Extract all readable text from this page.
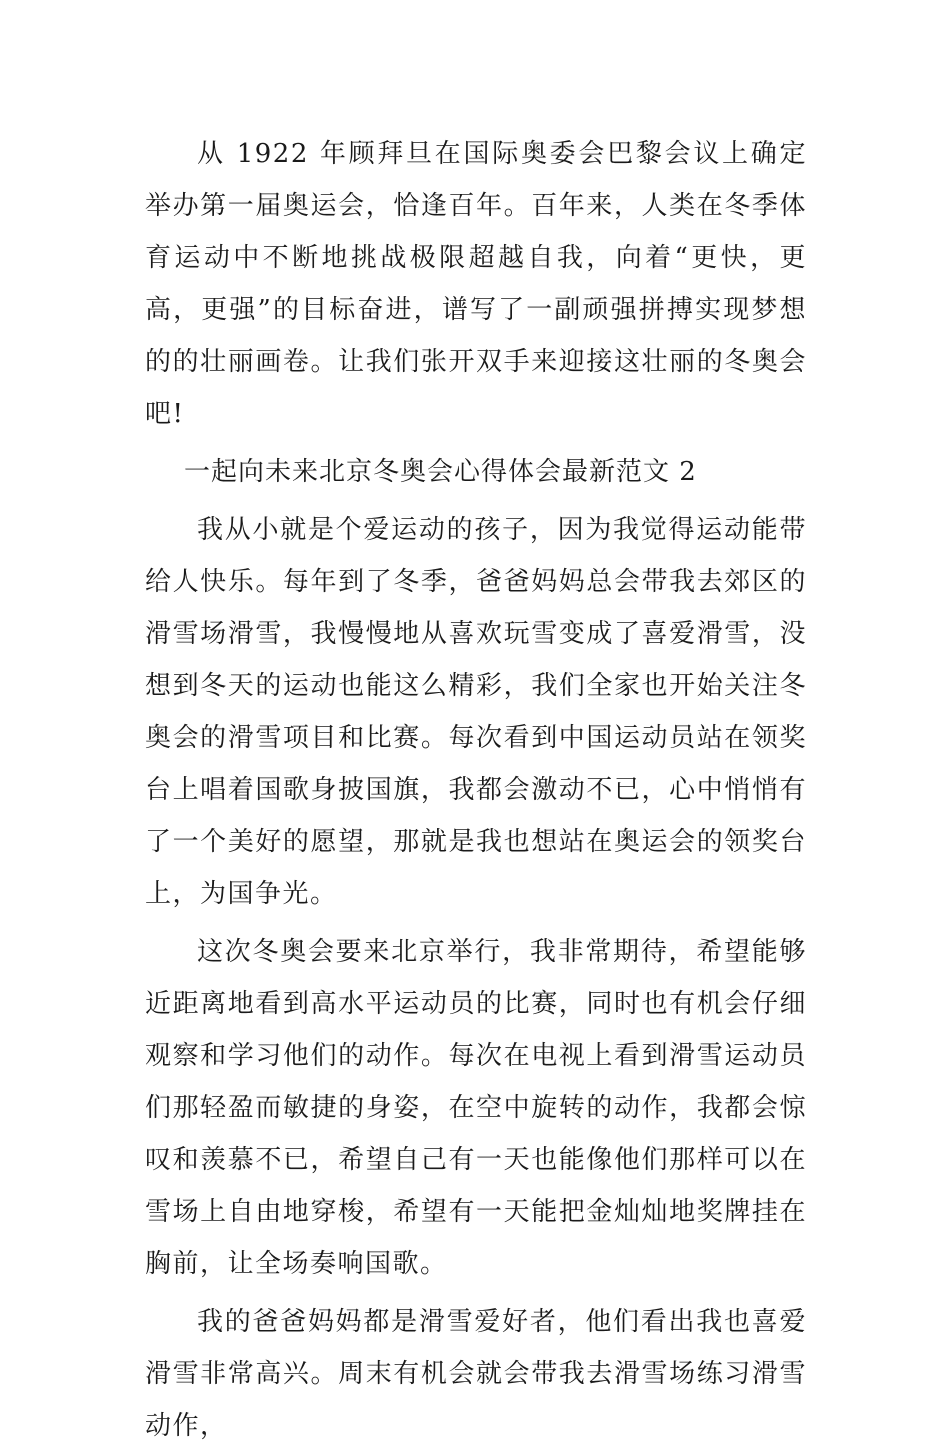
从 1922 年顾拜旦在国际奥委会巴黎会议上确定举办第一届奥运会，恰逢百年。百年来，人类在冬季体育运动中不断地挑战极限超越自我，向着“更快，更高，更强”的目标奋进，谱写了一副顽强拼搏实现梦想的的壮丽画卷。让我们张开双手来迎接这壮丽的冬奥会吧!

一起向未来北京冬奥会心得体会最新范文 2

我从小就是个爱运动的孩子，因为我觉得运动能带给人快乐。每年到了冬季，爸爸妈妈总会带我去郊区的滑雪场滑雪，我慢慢地从喜欢玩雪变成了喜爱滑雪，没想到冬天的运动也能这么精彩，我们全家也开始关注冬奥会的滑雪项目和比赛。每次看到中国运动员站在领奖台上唱着国歌身披国旗，我都会激动不已，心中悄悄有了一个美好的愿望，那就是我也想站在奥运会的领奖台上，为国争光。

这次冬奥会要来北京举行，我非常期待，希望能够近距离地看到高水平运动员的比赛，同时也有机会仔细观察和学习他们的动作。每次在电视上看到滑雪运动员们那轻盈而敏捷的身姿，在空中旋转的动作，我都会惊叹和羡慕不已，希望自己有一天也能像他们那样可以在雪场上自由地穿梭，希望有一天能把金灿灿地奖牌挂在胸前，让全场奏响国歌。

我的爸爸妈妈都是滑雪爱好者，他们看出我也喜爱滑雪非常高兴。周末有机会就会带我去滑雪场练习滑雪动作，
